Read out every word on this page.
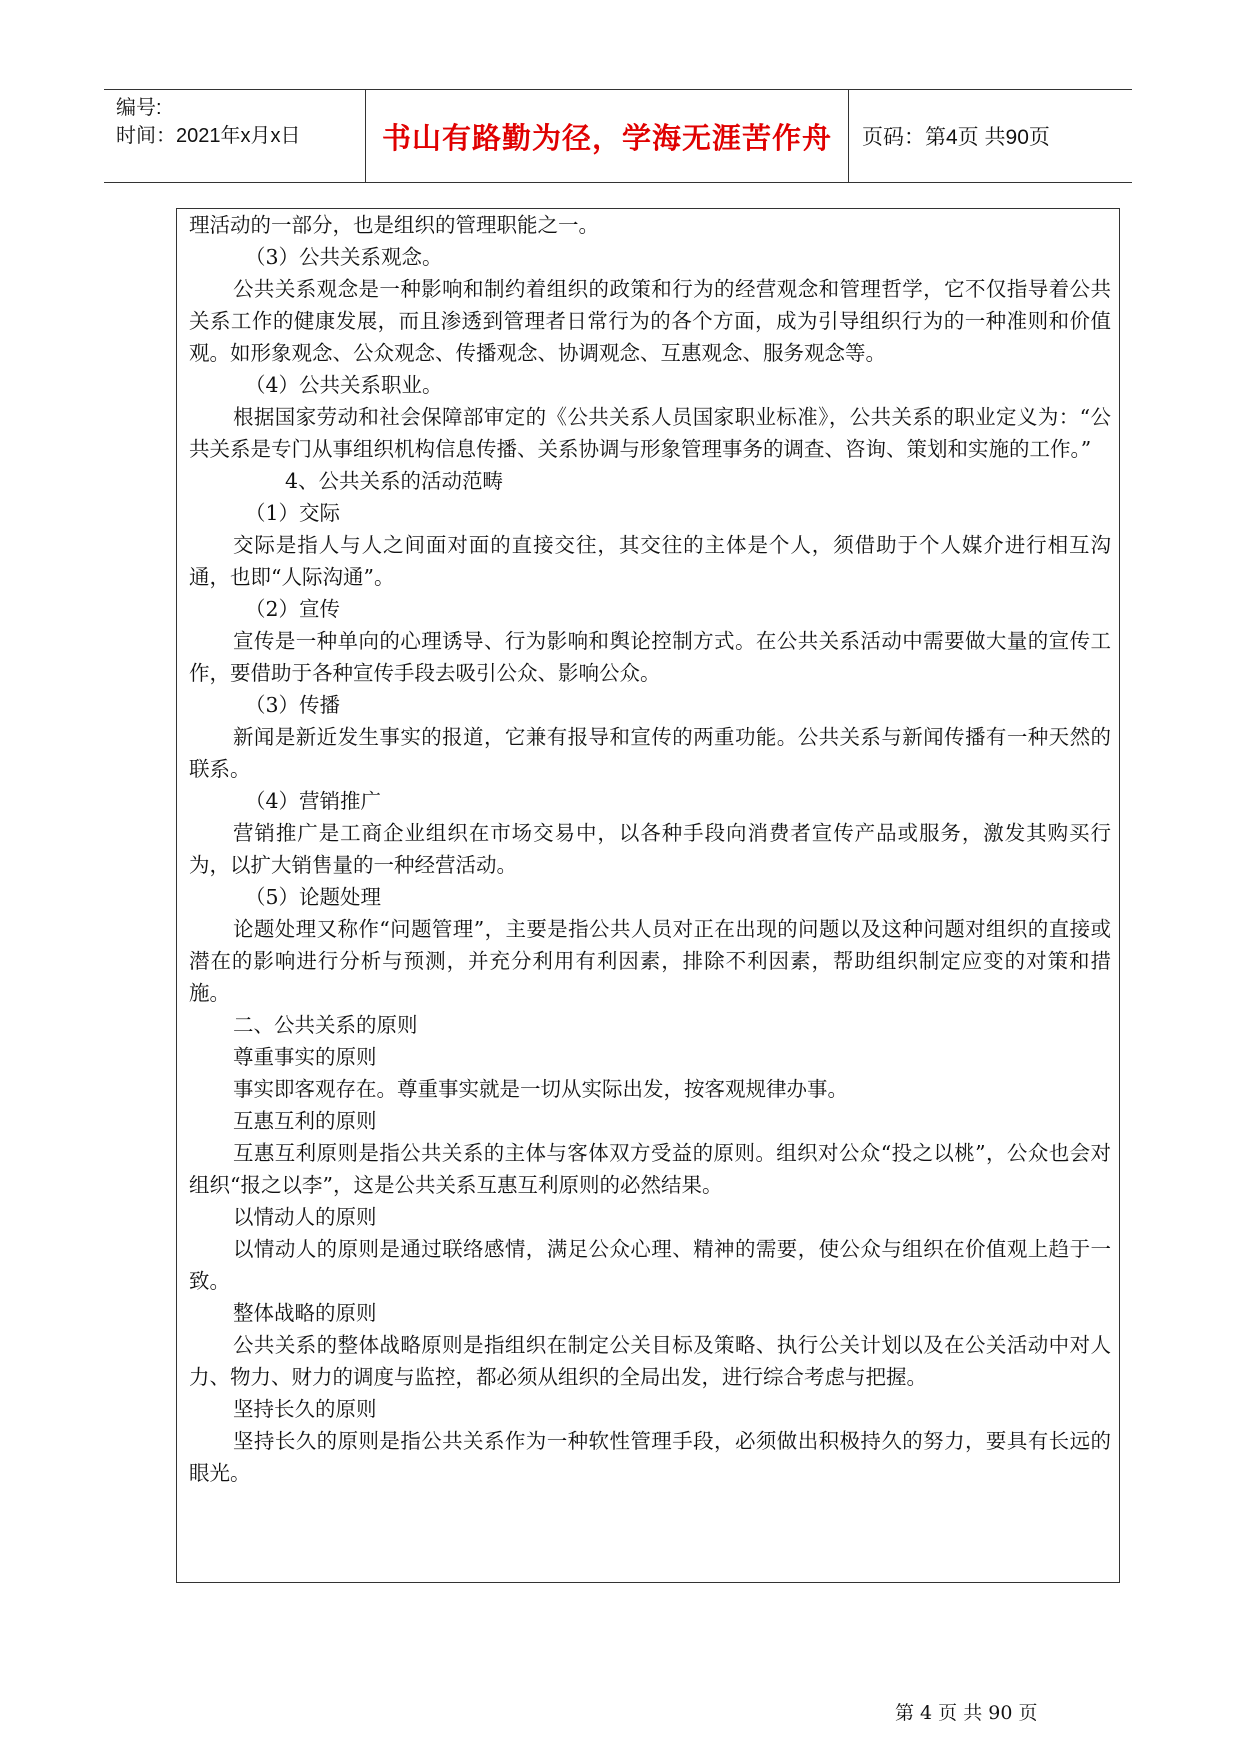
编号:
时间：2021年x月x日	书山有路勤为径，学海无涯苦作舟	页码：第4页 共90页

理活动的一部分，也是组织的管理职能之一。

（3）公共关系观念。

公共关系观念是一种影响和制约着组织的政策和行为的经营观念和管理哲学，它不仅指导着公共关系工作的健康发展，而且渗透到管理者日常行为的各个方面，成为引导组织行为的一种准则和价值观。如形象观念、公众观念、传播观念、协调观念、互惠观念、服务观念等。

（4）公共关系职业。

根据国家劳动和社会保障部审定的《公共关系人员国家职业标准》，公共关系的职业定义为：“公共关系是专门从事组织机构信息传播、关系协调与形象管理事务的调查、咨询、策划和实施的工作。”

4、公共关系的活动范畴

（1）交际

交际是指人与人之间面对面的直接交往，其交往的主体是个人，须借助于个人媒介进行相互沟通，也即“人际沟通”。

（2）宣传

宣传是一种单向的心理诱导、行为影响和舆论控制方式。在公共关系活动中需要做大量的宣传工作，要借助于各种宣传手段去吸引公众、影响公众。

（3）传播

新闻是新近发生事实的报道，它兼有报导和宣传的两重功能。公共关系与新闻传播有一种天然的联系。

（4）营销推广

营销推广是工商企业组织在市场交易中，以各种手段向消费者宣传产品或服务，激发其购买行为，以扩大销售量的一种经营活动。

（5）论题处理

论题处理又称作“问题管理”，主要是指公共人员对正在出现的问题以及这种问题对组织的直接或潜在的影响进行分析与预测，并充分利用有利因素，排除不利因素，帮助组织制定应变的对策和措施。

二、公共关系的原则

尊重事实的原则

事实即客观存在。尊重事实就是一切从实际出发，按客观规律办事。

互惠互利的原则

互惠互利原则是指公共关系的主体与客体双方受益的原则。组织对公众“投之以桃”，公众也会对组织“报之以李”，这是公共关系互惠互利原则的必然结果。

以情动人的原则

以情动人的原则是通过联络感情，满足公众心理、精神的需要，使公众与组织在价值观上趋于一致。

整体战略的原则

公共关系的整体战略原则是指组织在制定公关目标及策略、执行公关计划以及在公关活动中对人力、物力、财力的调度与监控，都必须从组织的全局出发，进行综合考虑与把握。

坚持长久的原则

坚持长久的原则是指公共关系作为一种软性管理手段，必须做出积极持久的努力，要具有长远的眼光。

第 4 页 共 90 页
